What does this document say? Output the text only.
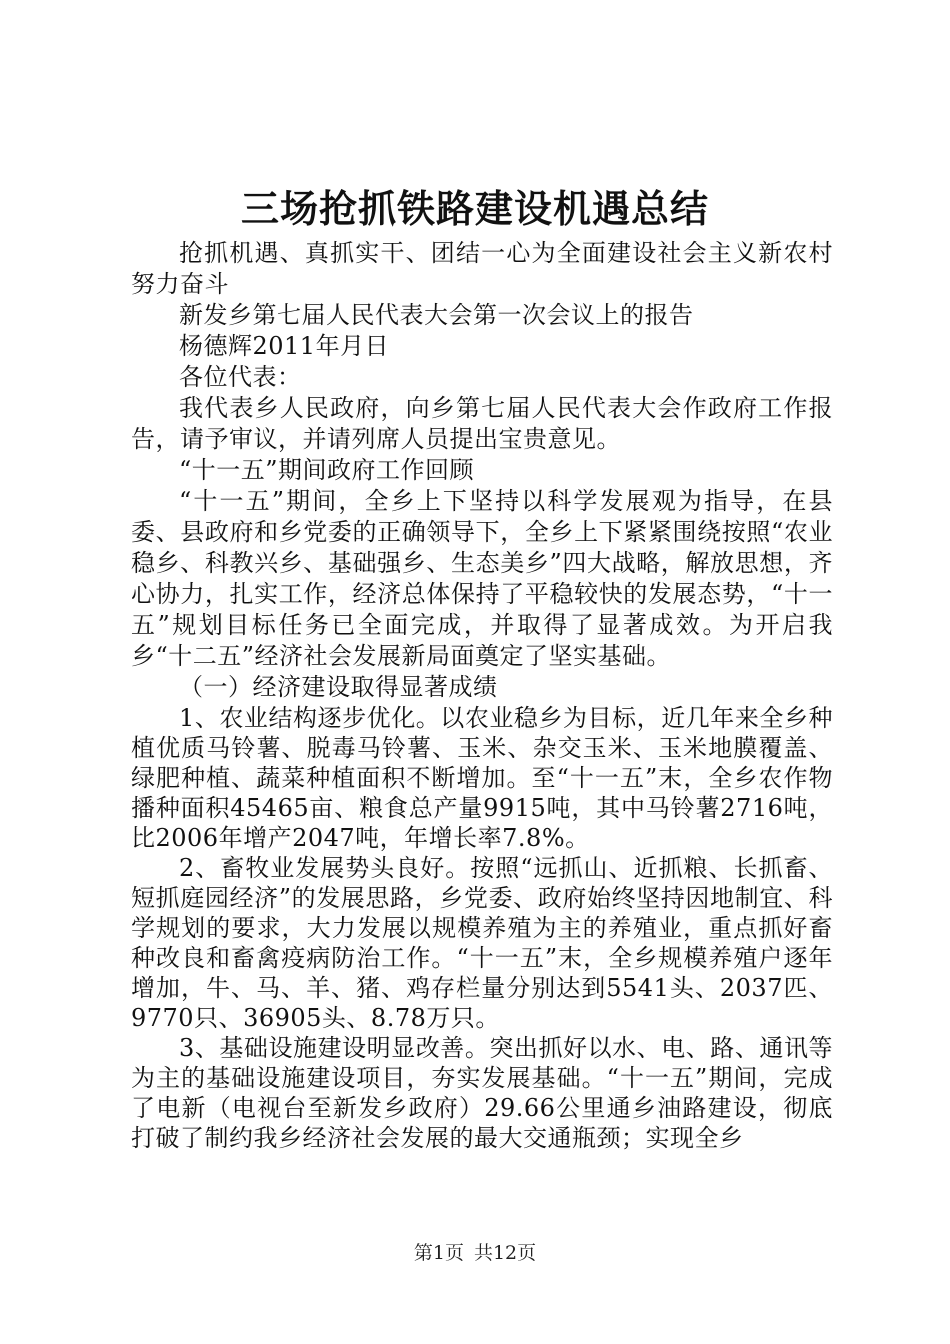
三场抢抓铁路建设机遇总结

抢抓机遇、真抓实干、团结一心为全面建设社会主义新农村努力奋斗

新发乡第七届人民代表大会第一次会议上的报告

杨德辉2011年月日

各位代表：

我代表乡人民政府，向乡第七届人民代表大会作政府工作报告，请予审议，并请列席人员提出宝贵意见。

“十一五”期间政府工作回顾

“十一五”期间，全乡上下坚持以科学发展观为指导，在县委、县政府和乡党委的正确领导下，全乡上下紧紧围绕按照“农业稳乡、科教兴乡、基础强乡、生态美乡”四大战略，解放思想，齐心协力，扎实工作，经济总体保持了平稳较快的发展态势，“十一五”规划目标任务已全面完成，并取得了显著成效。为开启我乡“十二五”经济社会发展新局面奠定了坚实基础。

（一）经济建设取得显著成绩

1、农业结构逐步优化。以农业稳乡为目标，近几年来全乡种植优质马铃薯、脱毒马铃薯、玉米、杂交玉米、玉米地膜覆盖、绿肥种植、蔬菜种植面积不断增加。至“十一五”末，全乡农作物播种面积45465亩、粮食总产量9915吨，其中马铃薯2716吨，比2006年增产2047吨，年增长率7.8%。

2、畜牧业发展势头良好。按照“远抓山、近抓粮、长抓畜、短抓庭园经济”的发展思路，乡党委、政府始终坚持因地制宜、科学规划的要求，大力发展以规模养殖为主的养殖业，重点抓好畜种改良和畜禽疫病防治工作。“十一五”末，全乡规模养殖户逐年增加，牛、马、羊、猪、鸡存栏量分别达到5541头、2037匹、9770只、36905头、8.78万只。

3、基础设施建设明显改善。突出抓好以水、电、路、通讯等为主的基础设施建设项目，夯实发展基础。“十一五”期间，完成了电新（电视台至新发乡政府）29.66公里通乡油路建设，彻底打破了制约我乡经济社会发展的最大交通瓶颈；实现全乡

第1页 共12页
